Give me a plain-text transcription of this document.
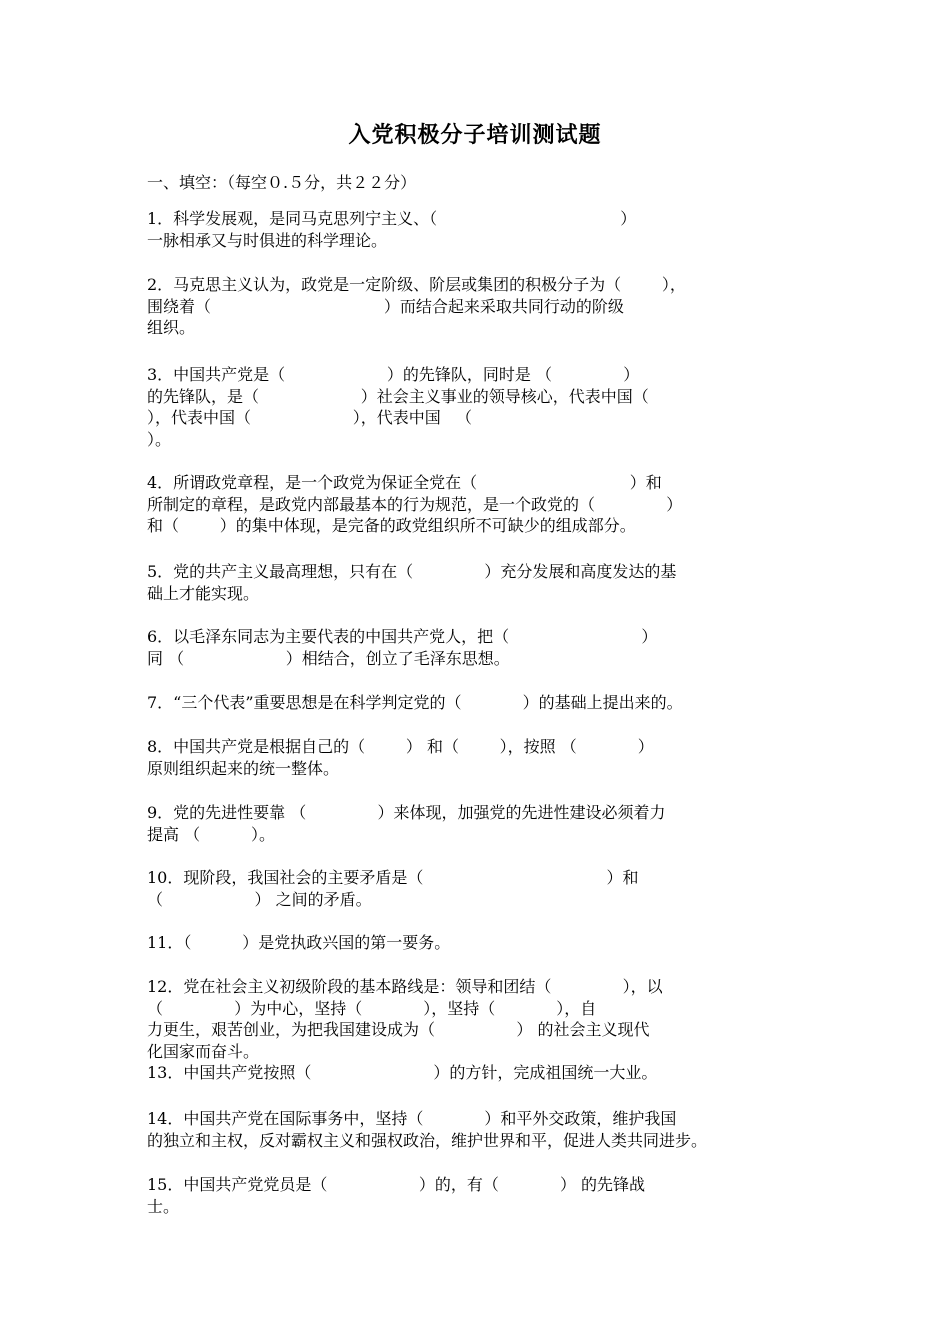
入党积极分子培训测试题
一、填空：（每空０.５分，共２２分）
1．科学发展观，是同马克思列宁主义、（                                    ）
一脉相承又与时俱进的科学理论。
2．马克思主义认为，政党是一定阶级、阶层或集团的积极分子为（        ），
围绕着（                                  ）而结合起来采取共同行动的阶级
组织。
3．中国共产党是（                    ）的先锋队，同时是 （              ）
的先锋队，是（                    ）社会主义事业的领导核心，代表中国（
），代表中国（                    ），代表中国   （
）。
4．所谓政党章程，是一个政党为保证全党在（                              ）和
所制定的章程，是政党内部最基本的行为规范，是一个政党的（              ）
和（        ）的集中体现，是完备的政党组织所不可缺少的组成部分。
5．党的共产主义最高理想，只有在（              ）充分发展和高度发达的基
础上才能实现。
6．以毛泽东同志为主要代表的中国共产党人，把（                          ）
同 （                    ）相结合，创立了毛泽东思想。
7．“三个代表”重要思想是在科学判定党的（            ）的基础上提出来的。
8．中国共产党是根据自己的（        ） 和（        ），按照 （            ）
原则组织起来的统一整体。
9．党的先进性要靠 （              ）来体现，加强党的先进性建设必须着力
提高 （          ）。
10．现阶段，我国社会的主要矛盾是（                                    ）和
（                  ） 之间的矛盾。
11．（          ）是党执政兴国的第一要务。
12．党在社会主义初级阶段的基本路线是：领导和团结（              ），以
（              ）为中心，坚持（            ），坚持（            ），自
力更生，艰苦创业，为把我国建设成为（                ） 的社会主义现代
化国家而奋斗。
13．中国共产党按照（                        ）的方针，完成祖国统一大业。
14．中国共产党在国际事务中，坚持（            ）和平外交政策，维护我国
的独立和主权，反对霸权主义和强权政治，维护世界和平，促进人类共同进步。
15．中国共产党党员是（                  ）的，有（            ） 的先锋战
士。
